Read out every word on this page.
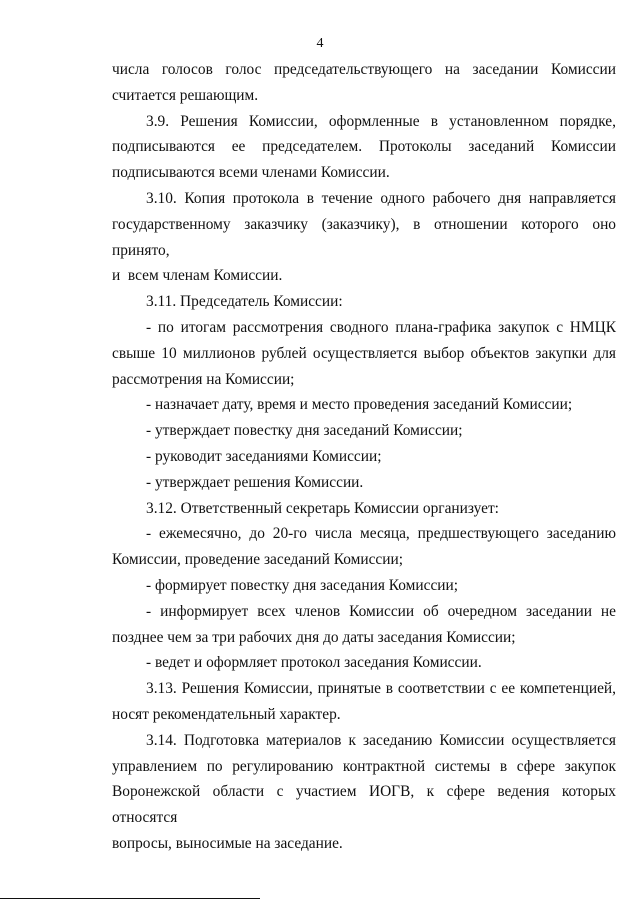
4

числа голосов голос председательствующего на заседании Комиссии
считается решающим.

3.9. Решения Комиссии, оформленные в установленном порядке,
подписываются ее председателем. Протоколы заседаний Комиссии
подписываются всеми членами Комиссии.

3.10. Копия протокола в течение одного рабочего дня направляется
государственному заказчику (заказчику), в отношении которого оно принято,
и  всем членам Комиссии.

3.11. Председатель Комиссии:

- по итогам рассмотрения сводного плана-графика закупок с НМЦК
свыше 10 миллионов рублей осуществляется выбор объектов закупки для
рассмотрения на Комиссии;

- назначает дату, время и место проведения заседаний Комиссии;

- утверждает повестку дня заседаний Комиссии;

- руководит заседаниями Комиссии;

- утверждает решения Комиссии.

3.12. Ответственный секретарь Комиссии организует:

- ежемесячно, до 20-го числа месяца, предшествующего заседанию
Комиссии, проведение заседаний Комиссии;

- формирует повестку дня заседания Комиссии;

- информирует всех членов Комиссии об очередном заседании не
позднее чем за три рабочих дня до даты заседания Комиссии;

- ведет и оформляет протокол заседания Комиссии.

3.13. Решения Комиссии, принятые в соответствии с ее компетенцией,
носят рекомендательный характер.

3.14. Подготовка материалов к заседанию Комиссии осуществляется
управлением по регулированию контрактной системы в сфере закупок
Воронежской области с участием ИОГВ, к сфере ведения которых относятся
вопросы, выносимые на заседание.
